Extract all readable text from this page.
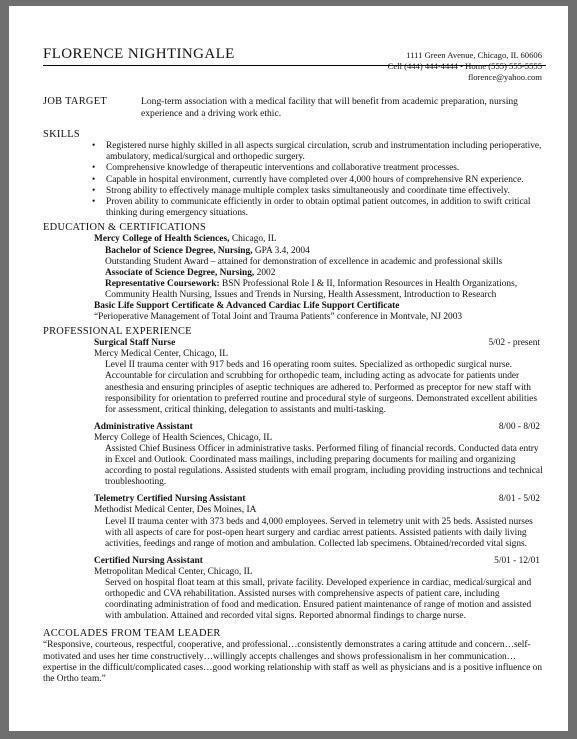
FLORENCE NIGHTINGALE	1111 Green Avenue, Chicago, IL 60606
Cell (444) 444-4444 • Home (555) 555-5555
florence@yahoo.com
JOB TARGET	Long-term association with a medical facility that will benefit from academic preparation, nursing experience and a driving work ethic.
SKILLS
• Registered nurse highly skilled in all aspects surgical circulation, scrub and instrumentation including perioperative, ambulatory, medical/surgical and orthopedic surgery.
• Comprehensive knowledge of therapeutic interventions and collaborative treatment processes.
• Capable in hospital environment, currently have completed over 4,000 hours of comprehensive RN experience.
• Strong ability to effectively manage multiple complex tasks simultaneously and coordinate time effectively.
• Proven ability to communicate efficiently in order to obtain optimal patient outcomes, in addition to swift critical thinking during emergency situations.
EDUCATION & CERTIFICATIONS
Mercy College of Health Sciences, Chicago, IL
Bachelor of Science Degree, Nursing, GPA 3.4, 2004
Outstanding Student Award – attained for demonstration of excellence in academic and professional skills
Associate of Science Degree, Nursing, 2002
Representative Coursework: BSN Professional Role I & II, Information Resources in Health Organizations, Community Health Nursing, Issues and Trends in Nursing, Health Assessment, Introduction to Research
Basic Life Support Certificate & Advanced Cardiac Life Support Certificate
“Perioperative Management of Total Joint and Trauma Patients” conference in Montvale, NJ 2003
PROFESSIONAL EXPERIENCE
Surgical Staff Nurse	5/02 - present
Mercy Medical Center, Chicago, IL
Level II trauma center with 917 beds and 16 operating room suites. Specialized as orthopedic surgical nurse. Accountable for circulation and scrubbing for orthopedic team, including acting as advocate for patients under anesthesia and ensuring principles of aseptic techniques are adhered to. Performed as preceptor for new staff with responsibility for orientation to preferred routine and procedural style of surgeons. Demonstrated excellent abilities for assessment, critical thinking, delegation to assistants and multi-tasking.
Administrative Assistant	8/00 - 8/02
Mercy College of Health Sciences, Chicago, IL
Assisted Chief Business Officer in administrative tasks. Performed filing of financial records. Conducted data entry in Excel and Outlook. Coordinated mass mailings, including preparing documents for mailing and organizing according to postal regulations. Assisted students with email program, including providing instructions and technical troubleshooting.
Telemetry Certified Nursing Assistant	8/01 - 5/02
Methodist Medical Center, Des Moines, IA
Level II trauma center with 373 beds and 4,000 employees. Served in telemetry unit with 25 beds. Assisted nurses with all aspects of care for post-open heart surgery and cardiac arrest patients. Assisted patients with daily living activities, feedings and range of motion and ambulation. Collected lab specimens. Obtained/recorded vital signs.
Certified Nursing Assistant	5/01 - 12/01
Metropolitan Medical Center, Chicago, IL
Served on hospital float team at this small, private facility. Developed experience in cardiac, medical/surgical and orthopedic and CVA rehabilitation. Assisted nurses with comprehensive aspects of patient care, including coordinating administration of food and medication. Ensured patient maintenance of range of motion and assisted with ambulation. Attained and recorded vital signs. Reported abnormal findings to charge nurse.
ACCOLADES FROM TEAM LEADER
“Responsive, courteous, respectful, cooperative, and professional…consistently demonstrates a caring attitude and concern…self-motivated and uses her time constructively…willingly accepts challenges and shows professionalism in her communication…expertise in the difficult/complicated cases…good working relationship with staff as well as physicians and is a positive influence on the Ortho team.”
